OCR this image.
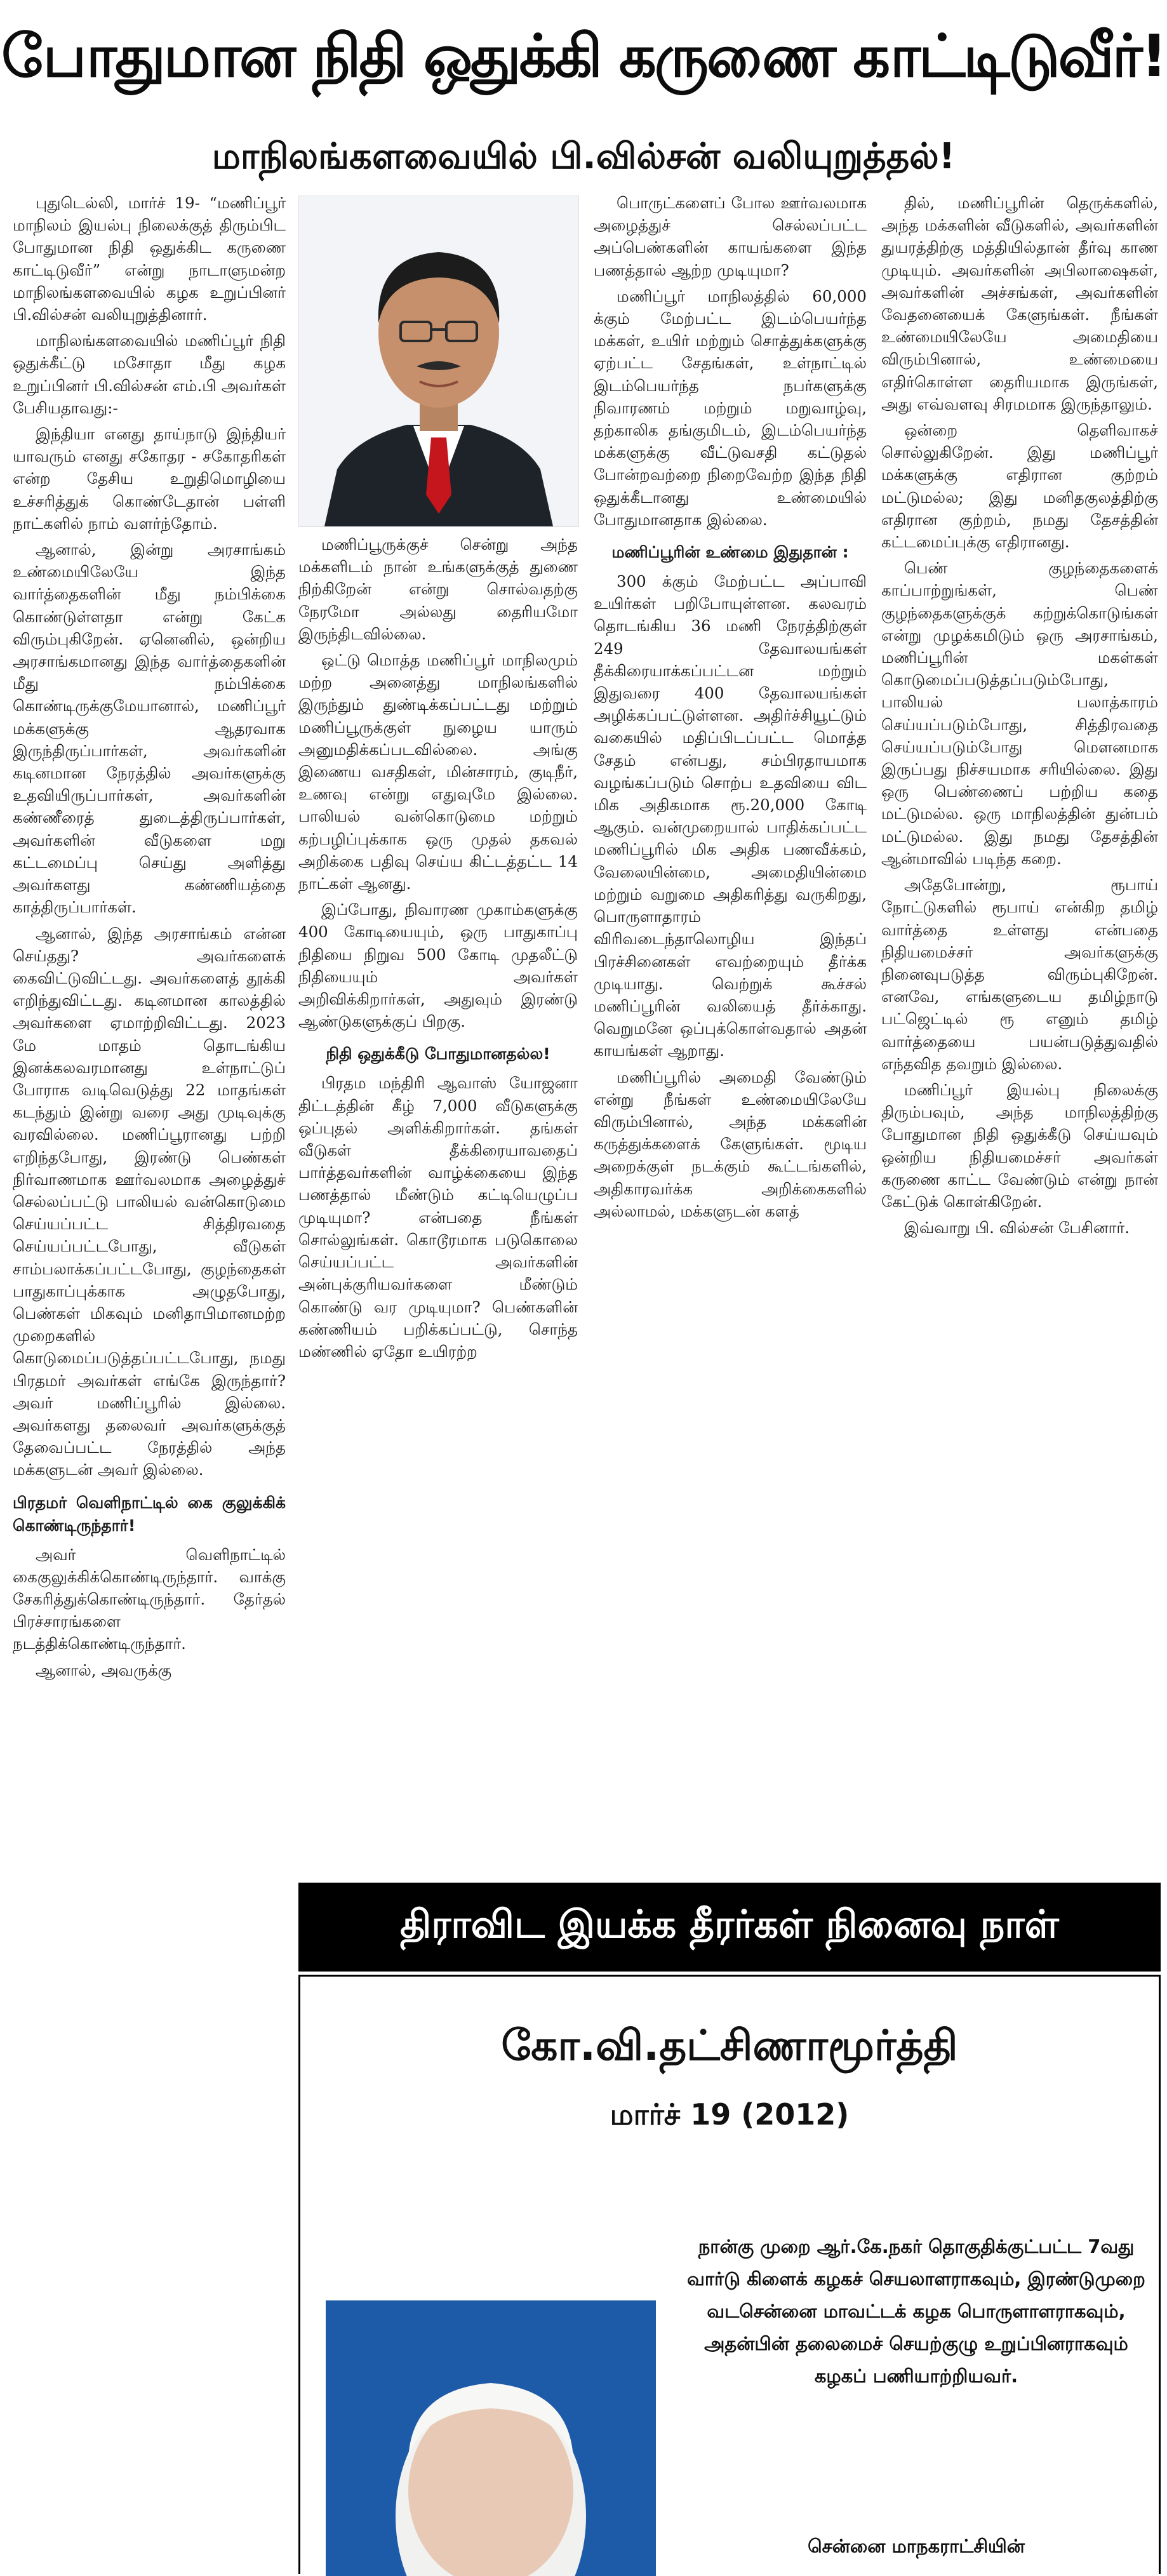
போதுமான நிதி ஒதுக்கி கருணை காட்டிடுவீர்!
மாநிலங்களவையில் பி.வில்சன் வலியுறுத்தல்!

புதுடெல்லி, மார்ச் 19- “மணிப்பூர் மாநிலம் இயல்பு நிலைக்குத் திரும்பிட போதுமான நிதி ஒதுக்கிட கருணை காட்டிடுவீர்” என்று நாடாளுமன்ற மாநிலங்களவையில் கழக உறுப்பினர் பி.வில்சன் வலியுறுத்தினார்.

மாநிலங்களவையில் மணிப்பூர் நிதி ஒதுக்கீட்டு மசோதா மீது கழக உறுப்பினர் பி.வில்சன் எம்.பி அவர்கள் பேசியதாவது:-

இந்தியா எனது தாய்நாடு இந்தியர் யாவரும் எனது சகோதர - சகோதரிகள் என்ற தேசிய உறுதிமொழியை உச்சரித்துக் கொண்டேதான் பள்ளி நாட்களில் நாம் வளர்ந்தோம்.

ஆனால், இன்று அரசாங்கம் உண்மையிலேயே இந்த வார்த்தைகளின் மீது நம்பிக்கை கொண்டுள்ளதா என்று கேட்க விரும்புகிறேன். ஏனெனில், ஒன்றிய அரசாங்கமானது இந்த வார்த்தைகளின் மீது நம்பிக்கை கொண்டிருக்குமேயானால், மணிப்பூர் மக்களுக்கு ஆதரவாக இருந்திருப்பார்கள், அவர்களின் கடினமான நேரத்தில் அவர்களுக்கு உதவியிருப்பார்கள், அவர்களின் கண்ணீரைத் துடைத்திருப்பார்கள், அவர்களின் வீடுகளை மறு கட்டமைப்பு செய்து அளித்து அவர்களது கண்ணியத்தை காத்திருப்பார்கள்.

ஆனால், இந்த அரசாங்கம் என்ன செய்தது? அவர்களைக் கைவிட்டுவிட்டது. அவர்களைத் தூக்கி எறிந்துவிட்டது. கடினமான காலத்தில் அவர்களை ஏமாற்றிவிட்டது. 2023 மே மாதம் தொடங்கிய இனக்கலவரமானது உள்நாட்டுப் போராக வடிவெடுத்து 22 மாதங்கள் கடந்தும் இன்று வரை அது முடிவுக்கு வரவில்லை. மணிப்பூரானது பற்றி எறிந்தபோது, இரண்டு பெண்கள் நிர்வாணமாக ஊர்வலமாக அழைத்துச் செல்லப்பட்டு பாலியல் வன்கொடுமை செய்யப்பட்ட சித்திரவதை செய்யப்பட்டபோது, வீடுகள் சாம்பலாக்கப்பட்டபோது, குழந்தைகள் பாதுகாப்புக்காக அழுதபோது, பெண்கள் மிகவும் மனிதாபிமானமற்ற முறைகளில் கொடுமைப்படுத்தப்பட்டபோது, நமது பிரதமர் அவர்கள் எங்கே இருந்தார்? அவர் மணிப்பூரில் இல்லை. அவர்களது தலைவர் அவர்களுக்குத் தேவைப்பட்ட நேரத்தில் அந்த மக்களுடன் அவர் இல்லை.

பிரதமர் வெளிநாட்டில் கை குலுக்கிக் கொண்டிருந்தார்!

அவர் வெளிநாட்டில் கைகுலுக்கிக்கொண்டிருந்தார். வாக்கு சேகரித்துக்கொண்டிருந்தார். தேர்தல் பிரச்சாரங்களை நடத்திக்கொண்டிருந்தார்.

ஆனால், அவருக்கு

மணிப்பூருக்குச் சென்று அந்த மக்களிடம் நான் உங்களுக்குத் துணை நிற்கிறேன் என்று சொல்வதற்கு நேரமோ அல்லது தைரியமோ இருந்திடவில்லை.

ஒட்டு மொத்த மணிப்பூர் மாநிலமும் மற்ற அனைத்து மாநிலங்களில் இருந்தும் துண்டிக்கப்பட்டது மற்றும் மணிப்பூருக்குள் நுழைய யாரும் அனுமதிக்கப்படவில்லை. அங்கு இணைய வசதிகள், மின்சாரம், குடிநீர், உணவு என்று எதுவுமே இல்லை. பாலியல் வன்கொடுமை மற்றும் கற்பழிப்புக்காக ஒரு முதல் தகவல் அறிக்கை பதிவு செய்ய கிட்டத்தட்ட 14 நாட்கள் ஆனது.

இப்போது, நிவாரண முகாம்களுக்கு 400 கோடியையும், ஒரு பாதுகாப்பு நிதியை நிறுவ 500 கோடி முதலீட்டு நிதியையும் அவர்கள் அறிவிக்கிறார்கள், அதுவும் இரண்டு ஆண்டுகளுக்குப் பிறகு.

நிதி ஒதுக்கீடு போதுமானதல்ல!

பிரதம மந்திரி ஆவாஸ் யோஜனா திட்டத்தின் கீழ் 7,000 வீடுகளுக்கு ஒப்புதல் அளிக்கிறார்கள். தங்கள் வீடுகள் தீக்கிரையாவதைப் பார்த்தவர்களின் வாழ்க்கையை இந்த பணத்தால் மீண்டும் கட்டியெழுப்ப முடியுமா? என்பதை நீங்கள் சொல்லுங்கள். கொடூரமாக படுகொலை செய்யப்பட்ட அவர்களின் அன்புக்குரியவர்களை மீண்டும் கொண்டு வர முடியுமா? பெண்களின் கண்ணியம் பறிக்கப்பட்டு, சொந்த மண்ணில் ஏதோ உயிரற்ற

பொருட்களைப் போல ஊர்வலமாக அழைத்துச் செல்லப்பட்ட அப்பெண்களின் காயங்களை இந்த பணத்தால் ஆற்ற முடியுமா?

மணிப்பூர் மாநிலத்தில் 60,000 க்கும் மேற்பட்ட இடம்பெயர்ந்த மக்கள், உயிர் மற்றும் சொத்துக்களுக்கு ஏற்பட்ட சேதங்கள், உள்நாட்டில் இடம்பெயர்ந்த நபர்களுக்கு நிவாரணம் மற்றும் மறுவாழ்வு, தற்காலிக தங்குமிடம், இடம்பெயர்ந்த மக்களுக்கு வீட்டுவசதி கட்டுதல் போன்றவற்றை நிறைவேற்ற இந்த நிதி ஒதுக்கீடானது உண்மையில் போதுமானதாக இல்லை.

மணிப்பூரின் உண்மை இதுதான் :

300 க்கும் மேற்பட்ட அப்பாவி உயிர்கள் பறிபோயுள்ளன. கலவரம் தொடங்கிய 36 மணி நேரத்திற்குள் 249 தேவாலயங்கள் தீக்கிரையாக்கப்பட்டன மற்றும் இதுவரை 400 தேவாலயங்கள் அழிக்கப்பட்டுள்ளன. அதிர்ச்சியூட்டும் வகையில் மதிப்பிடப்பட்ட மொத்த சேதம் என்பது, சம்பிரதாயமாக வழங்கப்படும் சொற்ப உதவியை விட மிக அதிகமாக ரூ.20,000 கோடி ஆகும். வன்முறையால் பாதிக்கப்பட்ட மணிப்பூரில் மிக அதிக பணவீக்கம், வேலையின்மை, அமைதியின்மை மற்றும் வறுமை அதிகரித்து வருகிறது, பொருளாதாரம் விரிவடைந்தாலொழிய இந்தப் பிரச்சினைகள் எவற்றையும் தீர்க்க முடியாது. வெற்றுக் கூச்சல் மணிப்பூரின் வலியைத் தீர்க்காது. வெறுமனே ஒப்புக்கொள்வதால் அதன் காயங்கள் ஆறாது.

மணிப்பூரில் அமைதி வேண்டும் என்று நீங்கள் உண்மையிலேயே விரும்பினால், அந்த மக்களின் கருத்துக்களைக் கேளுங்கள். மூடிய அறைக்குள் நடக்கும் கூட்டங்களில், அதிகாரவர்க்க அறிக்கைகளில் அல்லாமல், மக்களுடன் களத்

தில், மணிப்பூரின் தெருக்களில், அந்த மக்களின் வீடுகளில், அவர்களின் துயரத்திற்கு மத்தியில்தான் தீர்வு காண முடியும். அவர்களின் அபிலாஷைகள், அவர்களின் அச்சங்கள், அவர்களின் வேதனையைக் கேளுங்கள். நீங்கள் உண்மையிலேயே அமைதியை விரும்பினால், உண்மையை எதிர்கொள்ள தைரியமாக இருங்கள், அது எவ்வளவு சிரமமாக இருந்தாலும்.

ஒன்றை தெளிவாகச் சொல்லுகிறேன். இது மணிப்பூர் மக்களுக்கு எதிரான குற்றம் மட்டுமல்ல; இது மனிதகுலத்திற்கு எதிரான குற்றம், நமது தேசத்தின் கட்டமைப்புக்கு எதிரானது.

பெண் குழந்தைகளைக் காப்பாற்றுங்கள், பெண் குழந்தைகளுக்குக் கற்றுக்கொடுங்கள் என்று முழக்கமிடும் ஒரு அரசாங்கம், மணிப்பூரின் மகள்கள் கொடுமைப்படுத்தப்படும்போது, பாலியல் பலாத்காரம் செய்யப்படும்போது, சித்திரவதை செய்யப்படும்போது மௌனமாக இருப்பது நிச்சயமாக சரியில்லை. இது ஒரு பெண்ணைப் பற்றிய கதை மட்டுமல்ல. ஒரு மாநிலத்தின் துன்பம் மட்டுமல்ல. இது நமது தேசத்தின் ஆன்மாவில் படிந்த கறை.

அதேபோன்று, ரூபாய் நோட்டுகளில் ரூபாய் என்கிற தமிழ் வார்த்தை உள்ளது என்பதை நிதியமைச்சர் அவர்களுக்கு நினைவுபடுத்த விரும்புகிறேன். எனவே, எங்களுடைய தமிழ்நாடு பட்ஜெட்டில் ரூ எனும் தமிழ் வார்த்தையை பயன்படுத்துவதில் எந்தவித தவறும் இல்லை.

மணிப்பூர் இயல்பு நிலைக்கு திரும்பவும், அந்த மாநிலத்திற்கு போதுமான நிதி ஒதுக்கீடு செய்யவும் ஒன்றிய நிதியமைச்சர் அவர்கள் கருணை காட்ட வேண்டும் என்று நான் கேட்டுக் கொள்கிறேன்.

இவ்வாறு பி. வில்சன் பேசினார்.

திராவிட இயக்க தீரர்கள் நினைவு நாள்
கோ.வி.தட்சிணாமூர்த்தி
மார்ச் 19 (2012)
நான்கு முறை ஆர்.கே.நகர் தொகுதிக்குட்பட்ட 7வது வார்டு கிளைக் கழகச் செயலாளராகவும், இரண்டுமுறை வடசென்னை மாவட்டக் கழக பொருளாளராகவும், அதன்பின் தலைமைச் செயற்குழு உறுப்பினராகவும் கழகப் பணியாற்றியவர்.
சென்னை மாநகராட்சியின்
